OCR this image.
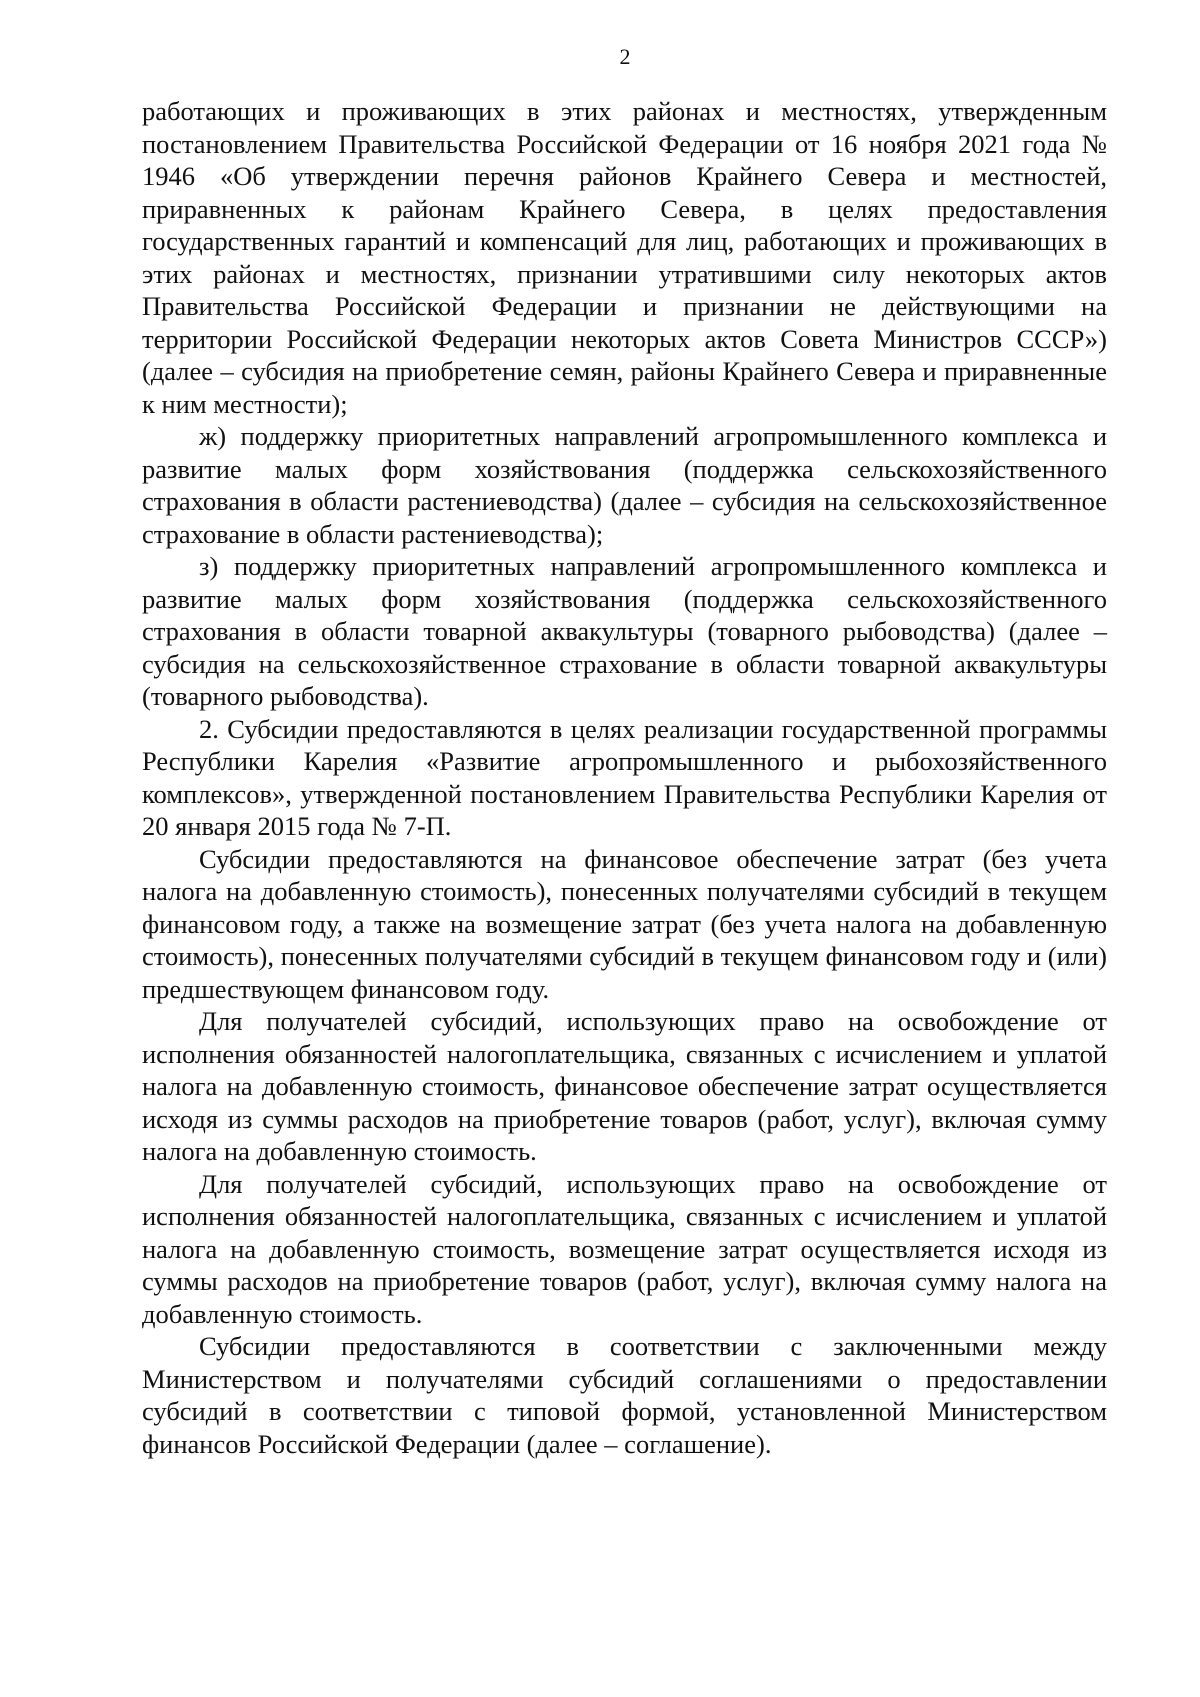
2

работающих и проживающих в этих районах и местностях, утвержденным постановлением Правительства Российской Федерации от 16 ноября 2021 года № 1946 «Об утверждении перечня районов Крайнего Севера и местностей, приравненных к районам Крайнего Севера, в целях предоставления государственных гарантий и компенсаций для лиц, работающих и проживающих в этих районах и местностях, признании утратившими силу некоторых актов Правительства Российской Федерации и признании не действующими на территории Российской Федерации некоторых актов Совета Министров СССР») (далее – субсидия на приобретение семян, районы Крайнего Севера и приравненные к ним местности);

ж) поддержку приоритетных направлений агропромышленного комплекса и развитие малых форм хозяйствования (поддержка сельскохозяйственного страхования в области растениеводства) (далее – субсидия на сельскохозяйственное страхование в области растениеводства);

з) поддержку приоритетных направлений агропромышленного комплекса и развитие малых форм хозяйствования (поддержка сельскохозяйственного страхования в области товарной аквакультуры (товарного рыбоводства) (далее – субсидия на сельскохозяйственное страхование в области товарной аквакультуры (товарного рыбоводства).

2. Субсидии предоставляются в целях реализации государственной программы Республики Карелия «Развитие агропромышленного и рыбохозяйственного комплексов», утвержденной постановлением Правительства Республики Карелия от 20 января 2015 года № 7-П.

Субсидии предоставляются на финансовое обеспечение затрат (без учета налога на добавленную стоимость), понесенных получателями субсидий в текущем финансовом году, а также на возмещение затрат (без учета налога на добавленную стоимость), понесенных получателями субсидий в текущем финансовом году и (или) предшествующем финансовом году.

Для получателей субсидий, использующих право на освобождение от исполнения обязанностей налогоплательщика, связанных с исчислением и уплатой налога на добавленную стоимость, финансовое обеспечение затрат осуществляется исходя из суммы расходов на приобретение товаров (работ, услуг), включая сумму налога на добавленную стоимость.

Для получателей субсидий, использующих право на освобождение от исполнения обязанностей налогоплательщика, связанных с исчислением и уплатой налога на добавленную стоимость, возмещение затрат осуществляется исходя из суммы расходов на приобретение товаров (работ, услуг), включая сумму налога на добавленную стоимость.

Субсидии предоставляются в соответствии с заключенными между Министерством и получателями субсидий соглашениями о предоставлении субсидий в соответствии с типовой формой, установленной Министерством финансов Российской Федерации (далее – соглашение).
